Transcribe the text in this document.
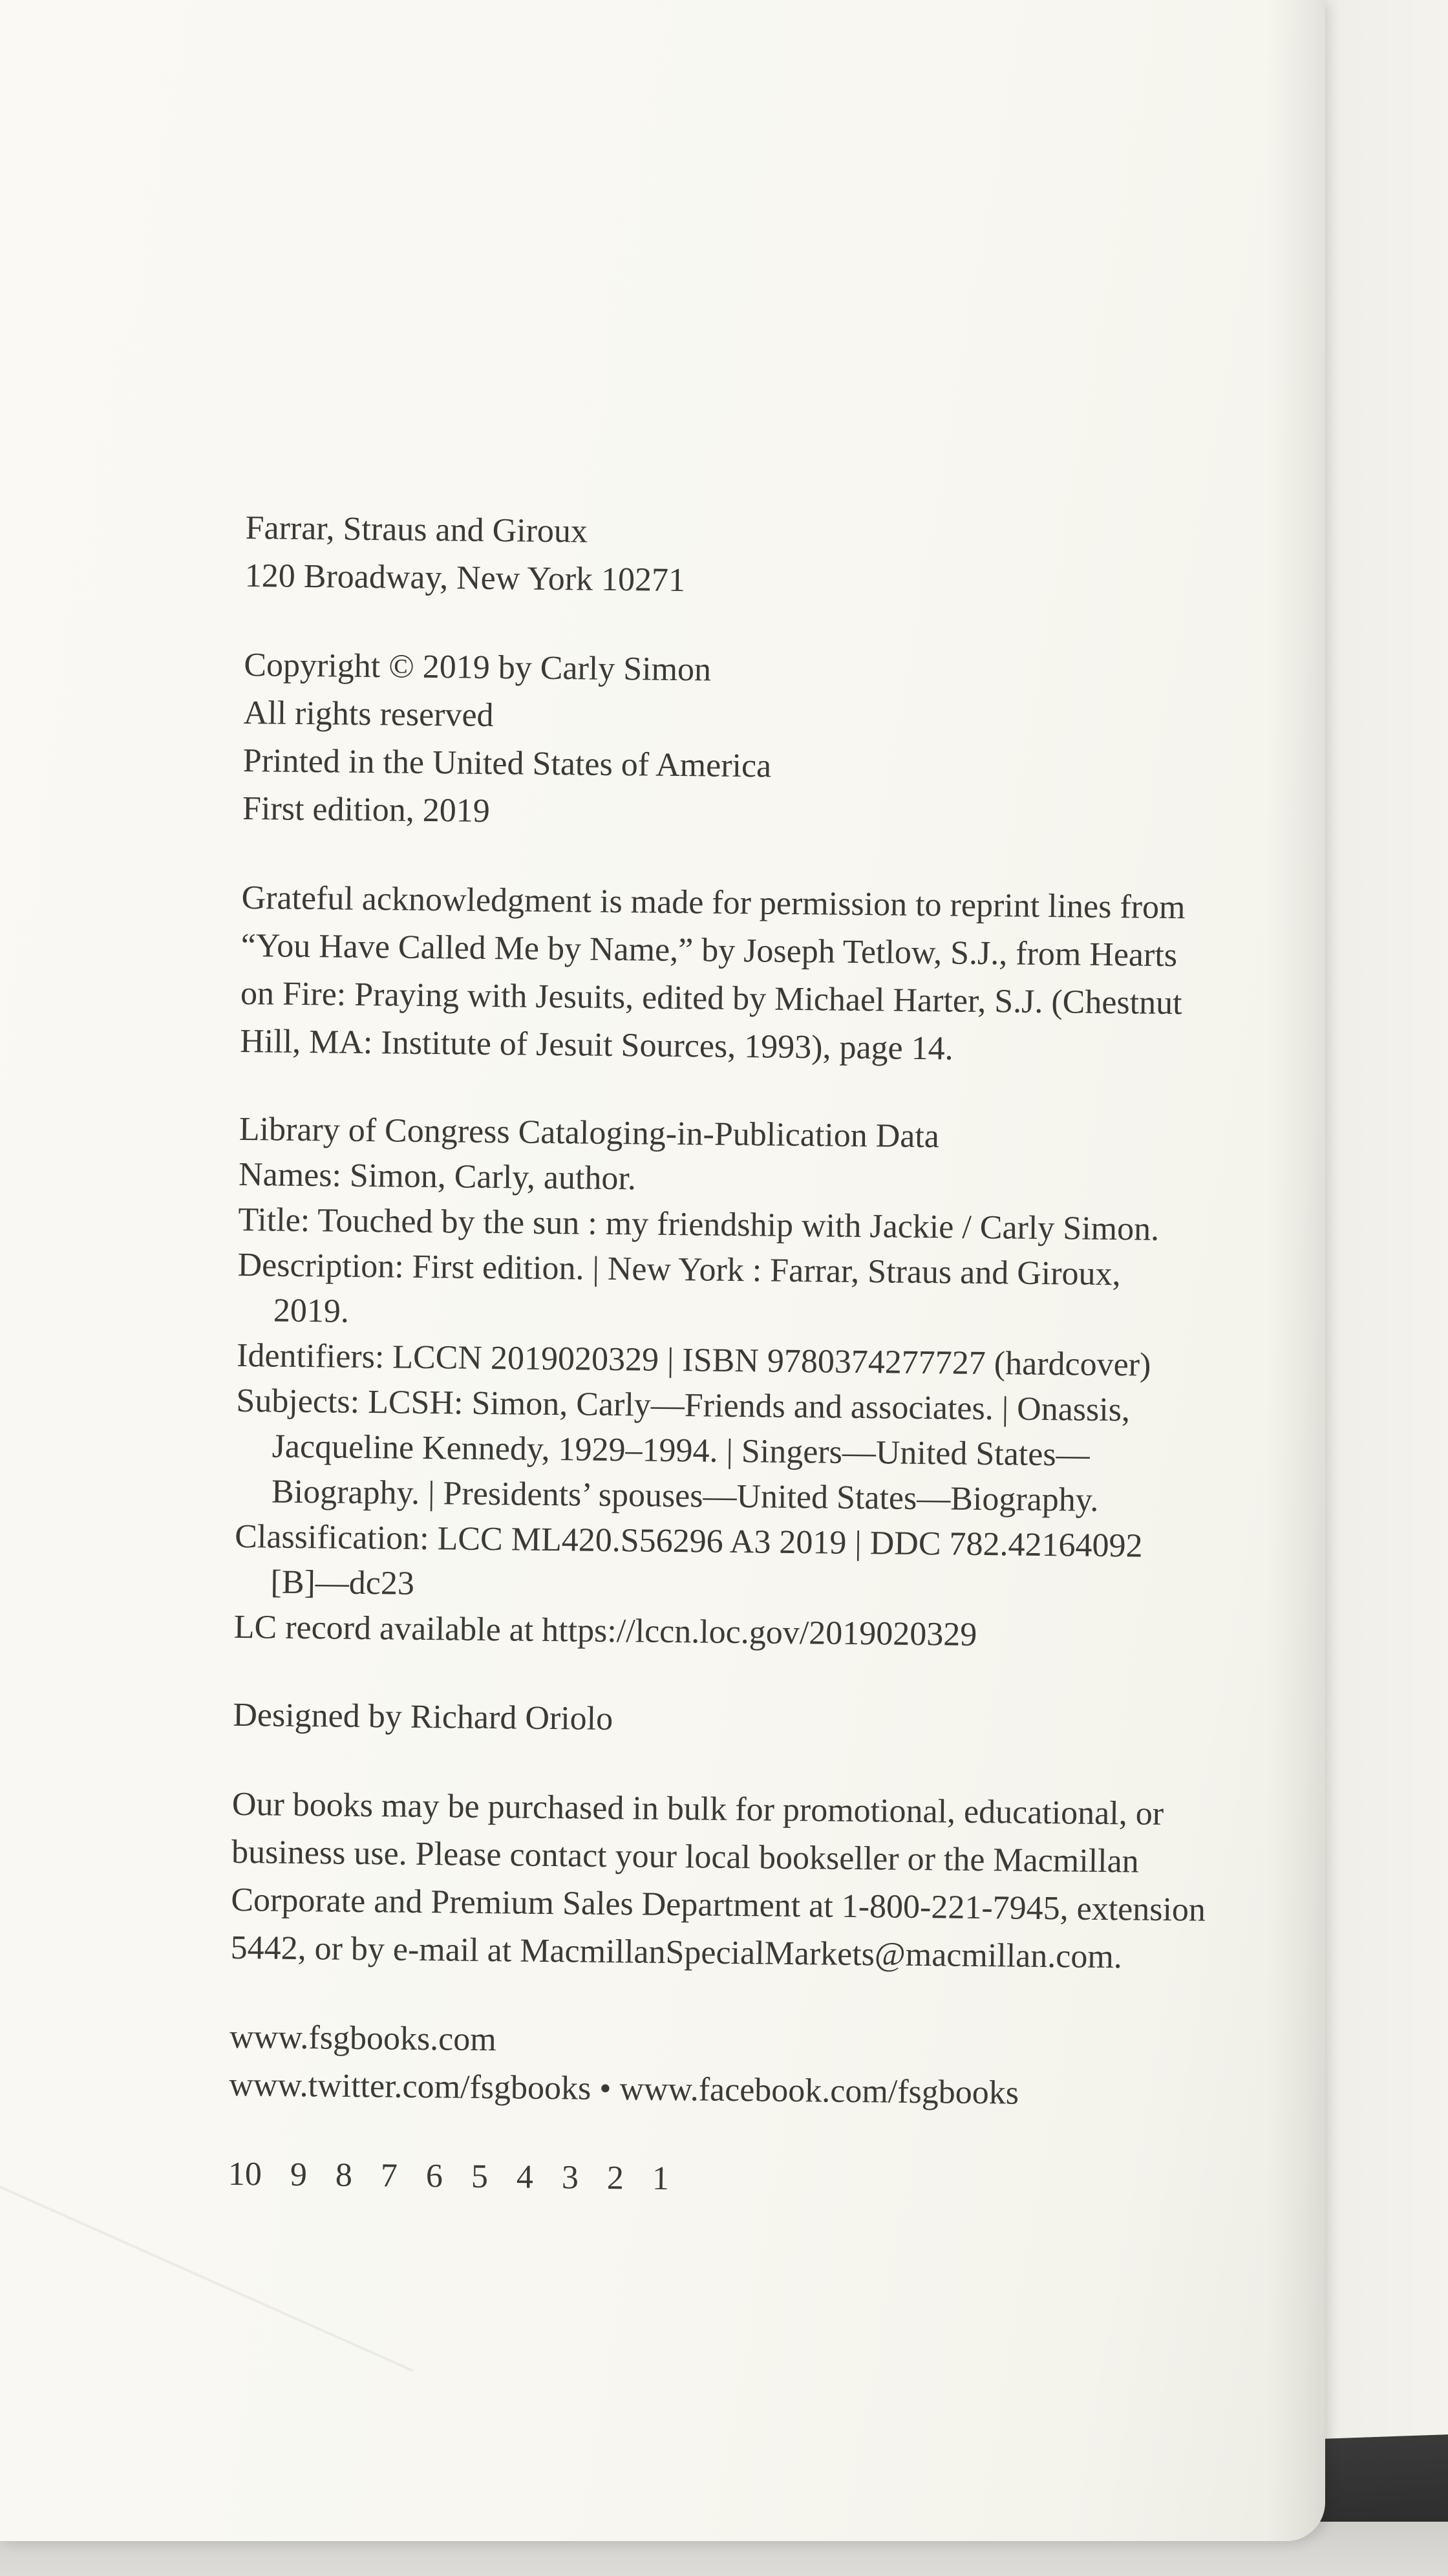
Farrar, Straus and Giroux
120 Broadway, New York 10271
Copyright © 2019 by Carly Simon
All rights reserved
Printed in the United States of America
First edition, 2019
Grateful acknowledgment is made for permission to reprint lines from
“You Have Called Me by Name,” by Joseph Tetlow, S.J., from Hearts
on Fire: Praying with Jesuits, edited by Michael Harter, S.J. (Chestnut
Hill, MA: Institute of Jesuit Sources, 1993), page 14.
Library of Congress Cataloging-in-Publication Data
Names: Simon, Carly, author.
Title: Touched by the sun : my friendship with Jackie / Carly Simon.
Description: First edition. | New York : Farrar, Straus and Giroux,
2019.
Identifiers: LCCN 2019020329 | ISBN 9780374277727 (hardcover)
Subjects: LCSH: Simon, Carly—Friends and associates. | Onassis,
Jacqueline Kennedy, 1929–1994. | Singers—United States—
Biography. | Presidents’ spouses—United States—Biography.
Classification: LCC ML420.S56296 A3 2019 | DDC 782.42164092
[B]—dc23
LC record available at https://lccn.loc.gov/2019020329
Designed by Richard Oriolo
Our books may be purchased in bulk for promotional, educational, or
business use. Please contact your local bookseller or the Macmillan
Corporate and Premium Sales Department at 1-800-221-7945, extension
5442, or by e-mail at MacmillanSpecialMarkets@macmillan.com.
www.fsgbooks.com
www.twitter.com/fsgbooks • www.facebook.com/fsgbooks
10 9 8 7 6 5 4 3 2 1
